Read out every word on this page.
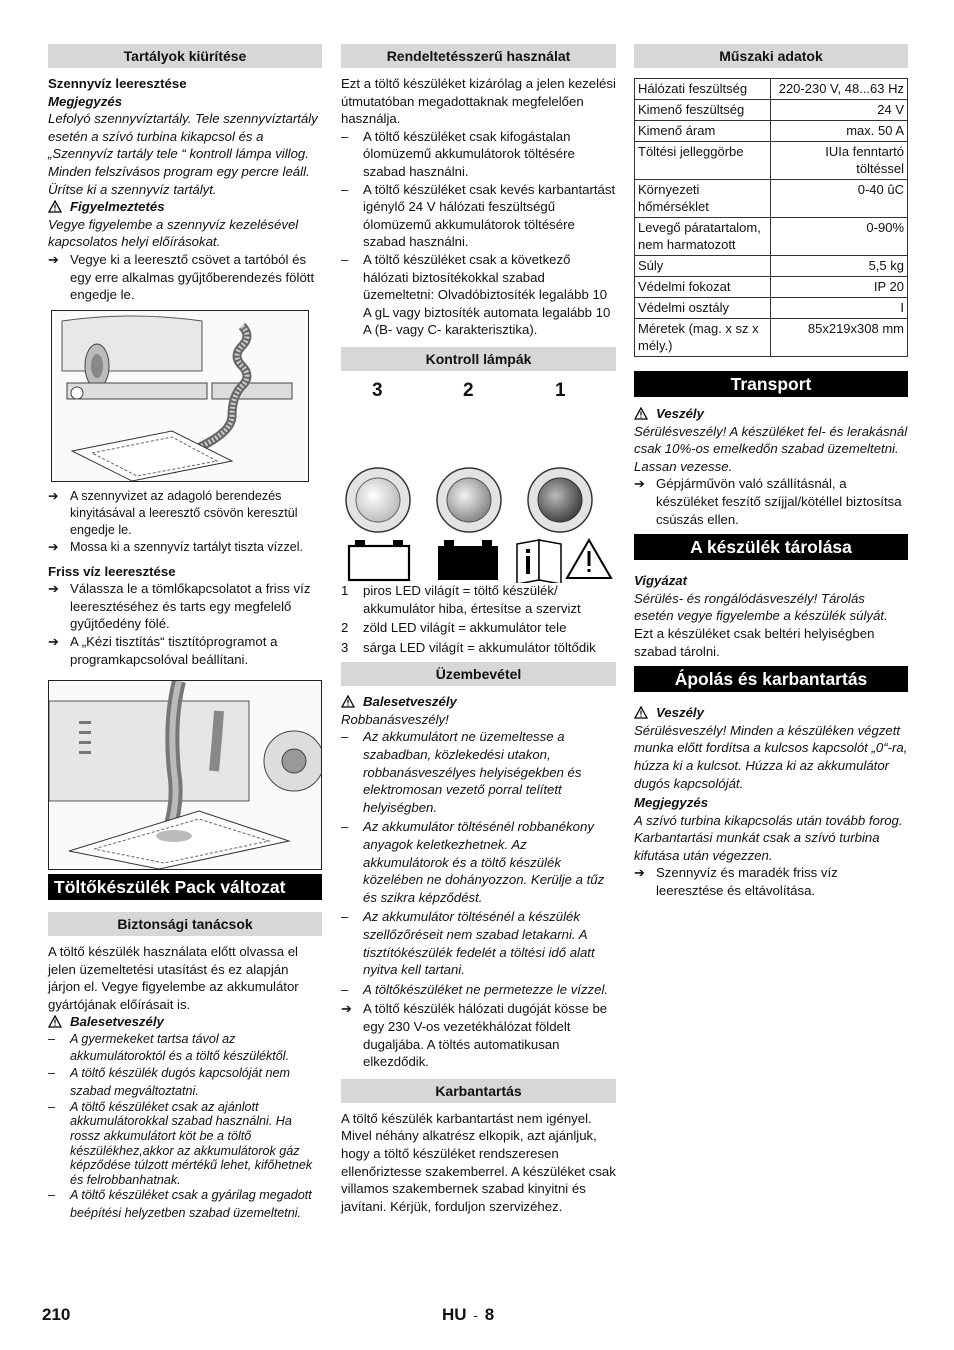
Tartályok kiürítése

Szennyvíz leeresztése

Megjegyzés

Lefolyó szennyvíztartály. Tele szennyvíztartály esetén a szívó turbina kikapcsol és a „Szennyvíz tartály tele “ kontroll lámpa villog. Minden felszívásos program egy percre leáll. Ürítse ki a szennyvíz tartályt.

Figyelmeztetés

Vegye figyelembe a szennyvíz kezelésével kapcsolatos helyi előírásokat.

➔ Vegye ki a leeresztő csövet a tartóból és egy erre alkalmas gyűjtőberendezés fölött engedje le.

➔ A szennyvizet az adagoló berendezés kinyitásával a leeresztő csövön keresztül engedje le.

➔ Mossa ki a szennyvíz tartályt tiszta vízzel.

Friss víz leeresztése

➔ Válassza le a tömlőkapcsolatot a friss víz leeresztéséhez és tarts egy megfelelő gyűjtőedény fölé.

➔ A „Kézi tisztítás“ tisztítóprogramot a programkapcsolóval beállítani.

Töltőkészülék Pack változat
Biztonsági tanácsok

A töltő készülék használata előtt olvassa el jelen üzemeltetési utasítást és ez alapján járjon el. Vegye figyelembe az akkumulátor gyártójának előírásait is.

Balesetveszély

– A gyermekeket tartsa távol az akkumulátoroktól és a töltő készüléktől.

– A töltő készülék dugós kapcsolóját nem szabad megváltoztatni.

– A töltő készüléket csak az ajánlott akkumulátorokkal szabad használni. Ha rossz akkumulátort köt be a töltő készülékhez,akkor az akkumulátorok gáz képződése túlzott mértékű lehet, kifőhetnek és felrobbanhatnak.

– A töltő készüléket csak a gyárilag megadott beépítési helyzetben szabad üzemeltetni.

Rendeltetésszerű használat

Ezt a töltő készüléket kizárólag a jelen kezelési útmutatóban megadottaknak megfelelően használja.

– A töltő készüléket csak kifogástalan ólomüzemű akkumulátorok töltésére szabad használni.

– A töltő készüléket csak kevés karbantartást igénylő 24 V hálózati feszültségű ólomüzemű akkumulátorok töltésére szabad használni.

– A töltő készüléket csak a következő hálózati biztosítékokkal szabad üzemeltetni: Olvadóbiztosíték legalább 10 A gL vagy biztosíték automata legalább 10 A (B- vagy C- karakterisztika).

Kontroll lámpák
3	2	1

1 piros LED világít = töltő készülék/ akkumulátor hiba, értesítse a szervizt

2 zöld LED világít = akkumulátor tele

3 sárga LED világít = akkumulátor töltődik

Üzembevétel

Balesetveszély

Robbanásveszély!

– Az akkumulátort ne üzemeltesse a szabadban, közlekedési utakon, robbanásveszélyes helyiségekben és elektromosan vezető porral telített helyiségben.

– Az akkumulátor töltésénél robbanékony anyagok keletkezhetnek. Az akkumulátorok és a töltő készülék közelében ne dohányozzon. Kerülje a tűz és szikra képződést.

– Az akkumulátor töltésénél a készülék szellőzőréseit nem szabad letakarni. A tisztítókészülék fedelét a töltési idő alatt nyitva kell tartani.

– A töltőkészüléket ne permetezze le vízzel.

➔ A töltő készülék hálózati dugóját kösse be egy 230 V-os vezetékhálózat földelt dugaljába. A töltés automatikusan elkezdődik.

Karbantartás

A töltő készülék karbantartást nem igényel. Mivel néhány alkatrész elkopik, azt ajánljuk, hogy a töltő készüléket rendszeresen ellenőriztesse szakemberrel. A készüléket csak villamos szakembernek szabad kinyitni és javítani. Kérjük, forduljon szervizéhez.

Műszaki adatok
Hálózati feszültség	220-230 V, 48...63 Hz
Kimenő feszültség	24 V
Kimenő áram	max. 50 A
Töltési jelleggörbe	IUIa fenntartó töltéssel
Környezeti hőmérséklet	0-40 ûC
Levegő páratartalom, nem harmatozott	0-90%
Súly	5,5 kg
Védelmi fokozat	IP 20
Védelmi osztály	I
Méretek (mag. x sz x mély.)	85x219x308 mm
Transport

Veszély

Sérülésveszély! A készüléket fel- és lerakásnál csak 10%-os emelkedőn szabad üzemeltetni. Lassan vezesse.

➔ Gépjárművön való szállításnál, a készüléket feszítő szíjjal/kötéllel biztosítsa csúszás ellen.

A készülék tárolása

Vigyázat

Sérülés- és rongálódásveszély! Tárolás esetén vegye figyelembe a készülék súlyát.

Ezt a készüléket csak beltéri helyiségben szabad tárolni.

Ápolás és karbantartás

Veszély

Sérülésveszély! Minden a készüléken végzett munka előtt fordítsa a kulcsos kapcsolót „0“-ra, húzza ki a kulcsot. Húzza ki az akkumulátor dugós kapcsolóját.

Megjegyzés

A szívó turbina kikapcsolás után tovább forog. Karbantartási munkát csak a szívó turbina kifutása után végezzen.

➔ Szennyvíz és maradék friss víz leeresztése és eltávolítása.

210	HU - 8
